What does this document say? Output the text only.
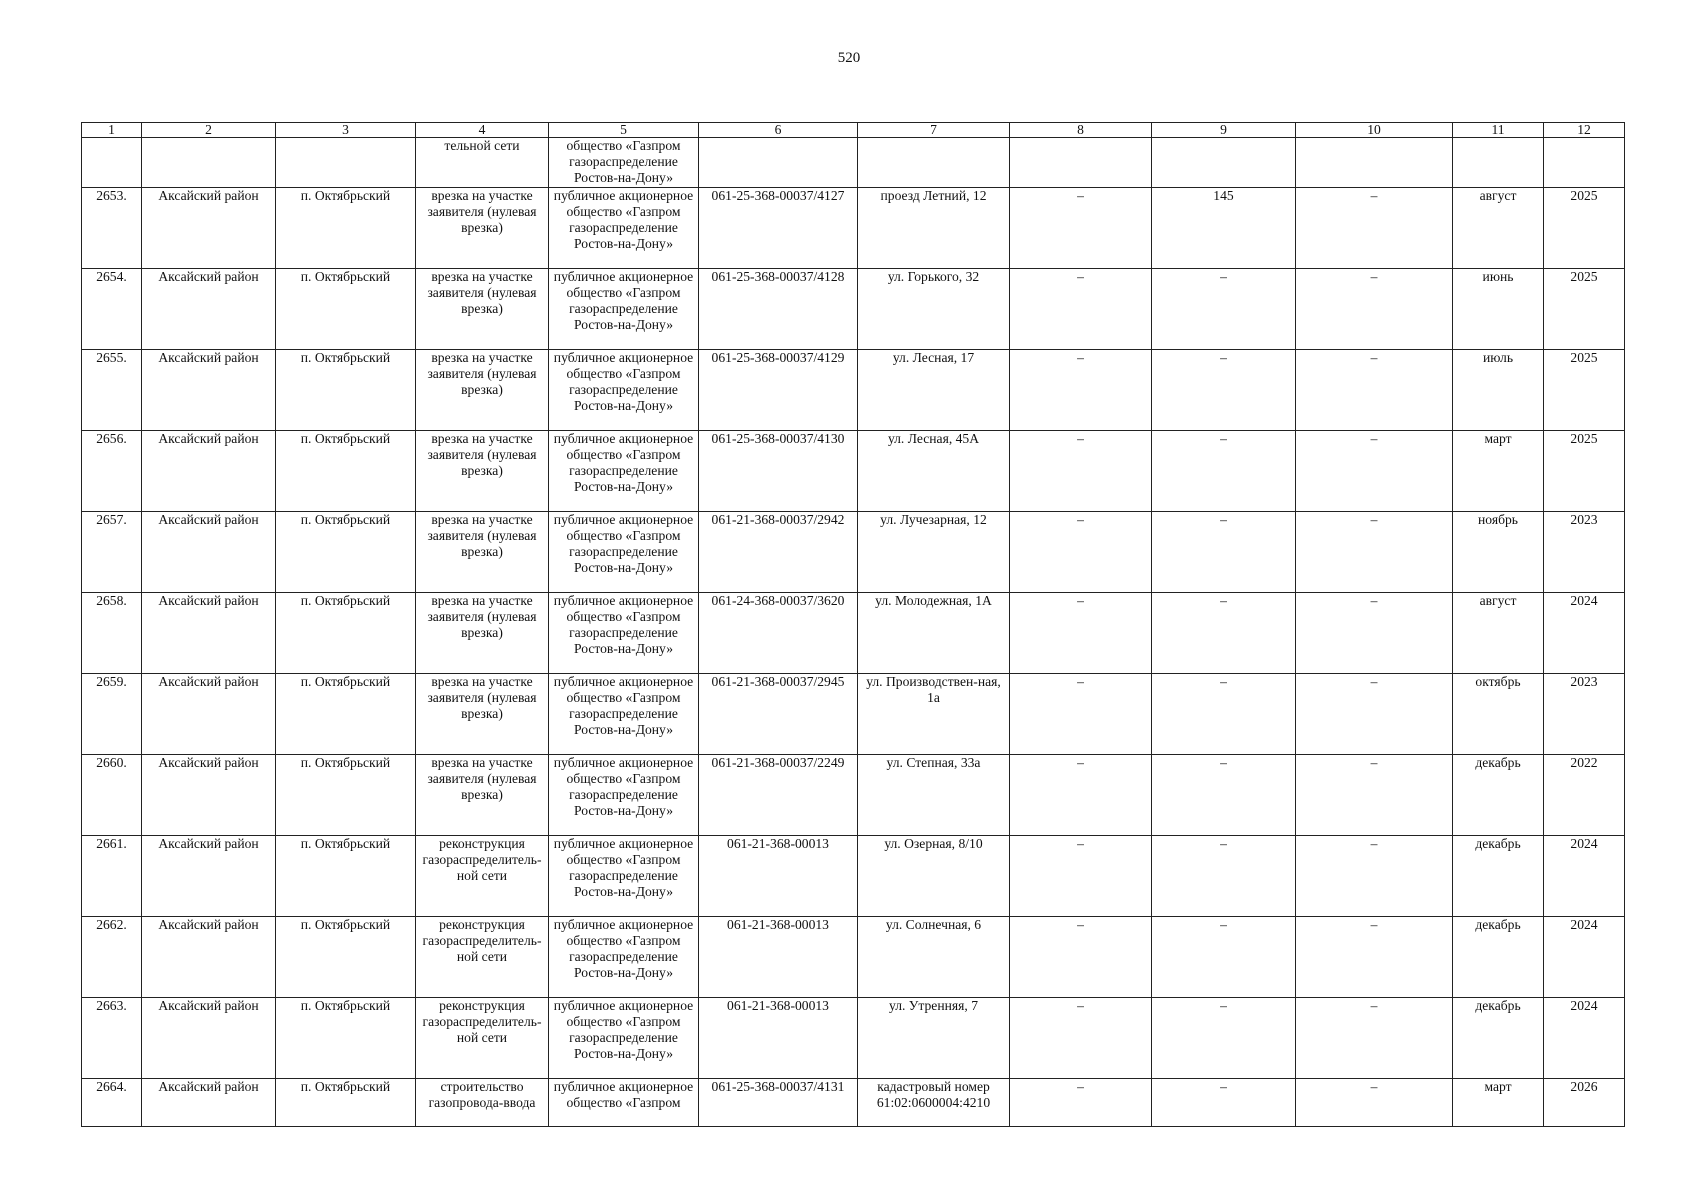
520
1	2	3	4	5	6	7	8	9	10	11	12
			тельной сети	общество «Газпром газораспределение Ростов-на-Дону»							
2653.	Аксайский район	п. Октябрьский	врезка на участке заявителя (нулевая врезка)	публичное акционерное общество «Газпром газораспределение Ростов-на-Дону»	061-25-368-00037/4127	проезд Летний, 12	–	145	–	август	2025
2654.	Аксайский район	п. Октябрьский	врезка на участке заявителя (нулевая врезка)	публичное акционерное общество «Газпром газораспределение Ростов-на-Дону»	061-25-368-00037/4128	ул. Горького, 32	–	–	–	июнь	2025
2655.	Аксайский район	п. Октябрьский	врезка на участке заявителя (нулевая врезка)	публичное акционерное общество «Газпром газораспределение Ростов-на-Дону»	061-25-368-00037/4129	ул. Лесная, 17	–	–	–	июль	2025
2656.	Аксайский район	п. Октябрьский	врезка на участке заявителя (нулевая врезка)	публичное акционерное общество «Газпром газораспределение Ростов-на-Дону»	061-25-368-00037/4130	ул. Лесная, 45А	–	–	–	март	2025
2657.	Аксайский район	п. Октябрьский	врезка на участке заявителя (нулевая врезка)	публичное акционерное общество «Газпром газораспределение Ростов-на-Дону»	061-21-368-00037/2942	ул. Лучезарная, 12	–	–	–	ноябрь	2023
2658.	Аксайский район	п. Октябрьский	врезка на участке заявителя (нулевая врезка)	публичное акционерное общество «Газпром газораспределение Ростов-на-Дону»	061-24-368-00037/3620	ул. Молодежная, 1А	–	–	–	август	2024
2659.	Аксайский район	п. Октябрьский	врезка на участке заявителя (нулевая врезка)	публичное акционерное общество «Газпром газораспределение Ростов-на-Дону»	061-21-368-00037/2945	ул. Производствен-ная, 1а	–	–	–	октябрь	2023
2660.	Аксайский район	п. Октябрьский	врезка на участке заявителя (нулевая врезка)	публичное акционерное общество «Газпром газораспределение Ростов-на-Дону»	061-21-368-00037/2249	ул. Степная, 33а	–	–	–	декабрь	2022
2661.	Аксайский район	п. Октябрьский	реконструкция газораспределительной сети	публичное акционерное общество «Газпром газораспределение Ростов-на-Дону»	061-21-368-00013	ул. Озерная, 8/10	–	–	–	декабрь	2024
2662.	Аксайский район	п. Октябрьский	реконструкция газораспределительной сети	публичное акционерное общество «Газпром газораспределение Ростов-на-Дону»	061-21-368-00013	ул. Солнечная, 6	–	–	–	декабрь	2024
2663.	Аксайский район	п. Октябрьский	реконструкция газораспределительной сети	публичное акционерное общество «Газпром газораспределение Ростов-на-Дону»	061-21-368-00013	ул. Утренняя, 7	–	–	–	декабрь	2024
2664.	Аксайский район	п. Октябрьский	строительство газопровода-ввода	публичное акционерное общество «Газпром	061-25-368-00037/4131	кадастровый номер 61:02:0600004:4210	–	–	–	март	2026
